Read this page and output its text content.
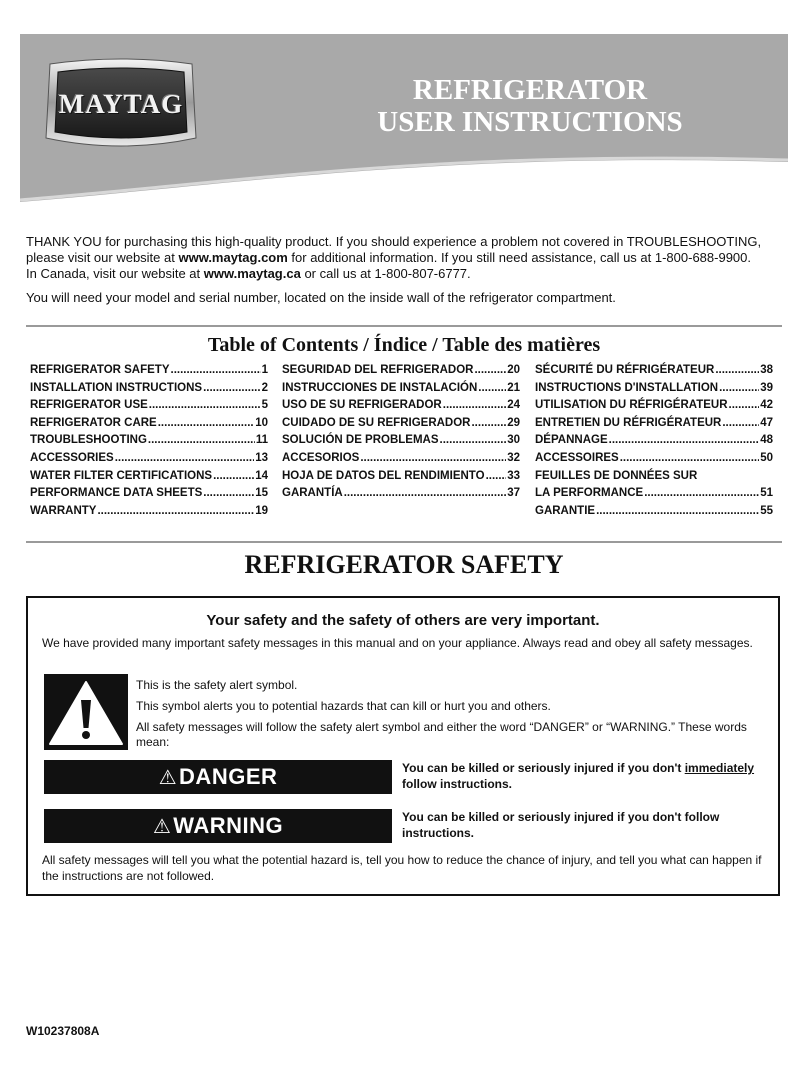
MAYTAG	REFRIGERATOR
USER INSTRUCTIONS

THANK YOU for purchasing this high-quality product. If you should experience a problem not covered in TROUBLESHOOTING, please visit our website at www.maytag.com for additional information. If you still need assistance, call us at 1-800-688-9900.

In Canada, visit our website at www.maytag.ca or call us at 1-800-807-6777.

You will need your model and serial number, located on the inside wall of the refrigerator compartment.

Table of Contents / Índice / Table des matières
REFRIGERATOR SAFETY .....	1
INSTALLATION INSTRUCTIONS .....	2
REFRIGERATOR USE .....	5
REFRIGERATOR CARE .....	10
TROUBLESHOOTING .....	11
ACCESSORIES .....	13
WATER FILTER CERTIFICATIONS .....	14
PERFORMANCE DATA SHEETS .....	15
WARRANTY .....	19
SEGURIDAD DEL REFRIGERADOR .....	20
INSTRUCCIONES DE INSTALACIÓN .....	21
USO DE SU REFRIGERADOR .....	24
CUIDADO DE SU REFRIGERADOR .....	29
SOLUCIÓN DE PROBLEMAS .....	30
ACCESORIOS .....	32
HOJA DE DATOS DEL RENDIMIENTO ..... 33
GARANTÍA .....	37
SÉCURITÉ DU RÉFRIGÉRATEUR .....	38
INSTRUCTIONS D'INSTALLATION .....	39
UTILISATION DU RÉFRIGÉRATEUR .....	42
ENTRETIEN DU RÉFRIGÉRATEUR .....	47
DÉPANNAGE .....	48
ACCESSOIRES .....	50
FEUILLES DE DONNÉES SUR
LA PERFORMANCE .....	51
GARANTIE .....	55
REFRIGERATOR SAFETY
Your safety and the safety of others are very important.
We have provided many important safety messages in this manual and on your appliance. Always read and obey all safety messages.

This is the safety alert symbol.

This symbol alerts you to potential hazards that can kill or hurt you and others.

All safety messages will follow the safety alert symbol and either the word “DANGER” or “WARNING.” These words mean:

⚠DANGER	You can be killed or seriously injured if you don't immediately follow instructions.
⚠WARNING	You can be killed or seriously injured if you don't follow instructions.
All safety messages will tell you what the potential hazard is, tell you how to reduce the chance of injury, and tell you what can happen if the instructions are not followed.
W10237808A
